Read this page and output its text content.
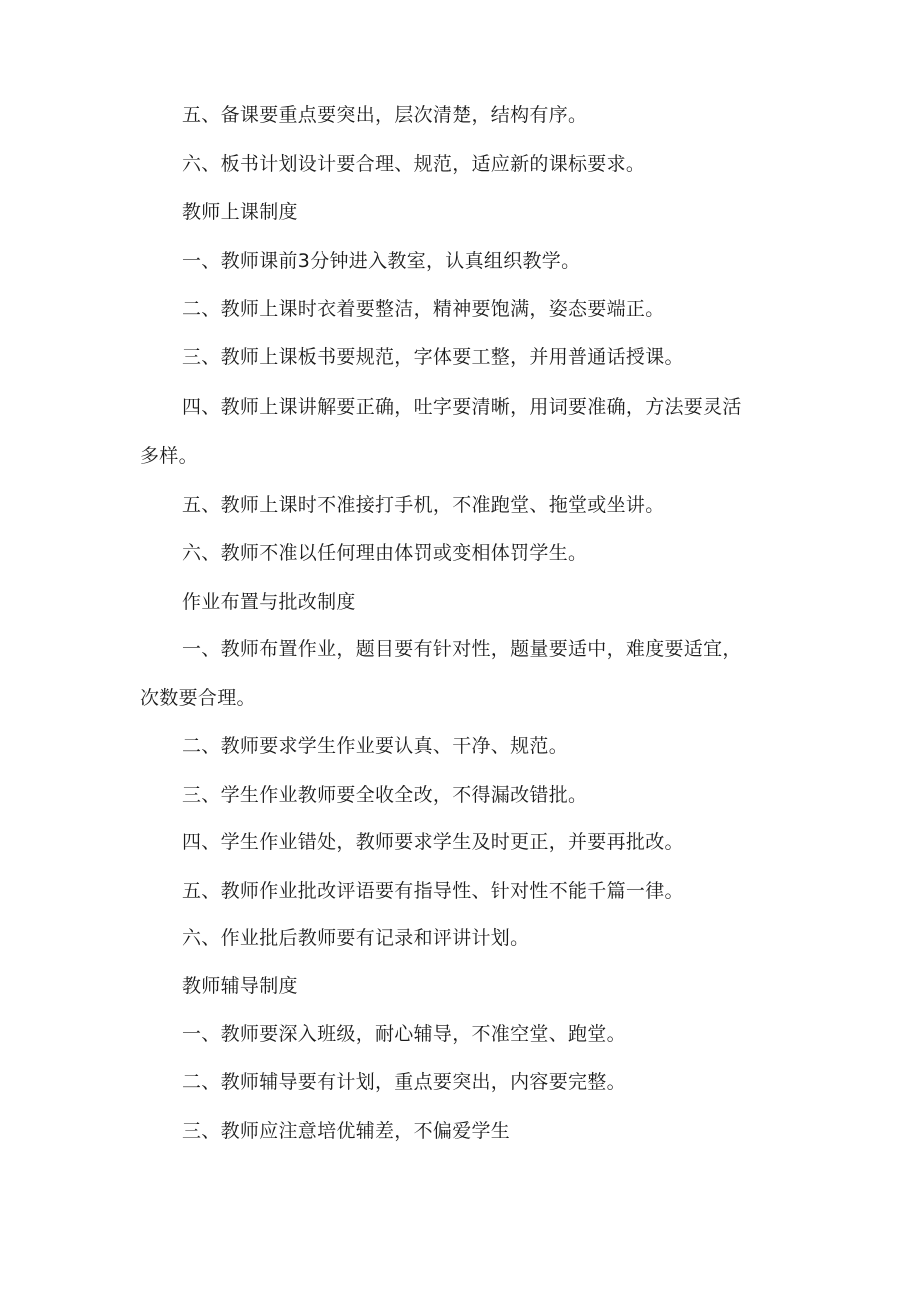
五、备课要重点要突出，层次清楚，结构有序。
六、板书计划设计要合理、规范，适应新的课标要求。
教师上课制度
一、教师课前3分钟进入教室，认真组织教学。
二、教师上课时衣着要整洁，精神要饱满，姿态要端正。
三、教师上课板书要规范，字体要工整，并用普通话授课。
四、教师上课讲解要正确，吐字要清晰，用词要准确，方法要灵活
多样。
五、教师上课时不准接打手机，不准跑堂、拖堂或坐讲。
六、教师不准以任何理由体罚或变相体罚学生。
作业布置与批改制度
一、教师布置作业，题目要有针对性，题量要适中，难度要适宜，
次数要合理。
二、教师要求学生作业要认真、干净、规范。
三、学生作业教师要全收全改，不得漏改错批。
四、学生作业错处，教师要求学生及时更正，并要再批改。
五、教师作业批改评语要有指导性、针对性不能千篇一律。
六、作业批后教师要有记录和评讲计划。
教师辅导制度
一、教师要深入班级，耐心辅导，不准空堂、跑堂。
二、教师辅导要有计划，重点要突出，内容要完整。
三、教师应注意培优辅差，不偏爱学生
